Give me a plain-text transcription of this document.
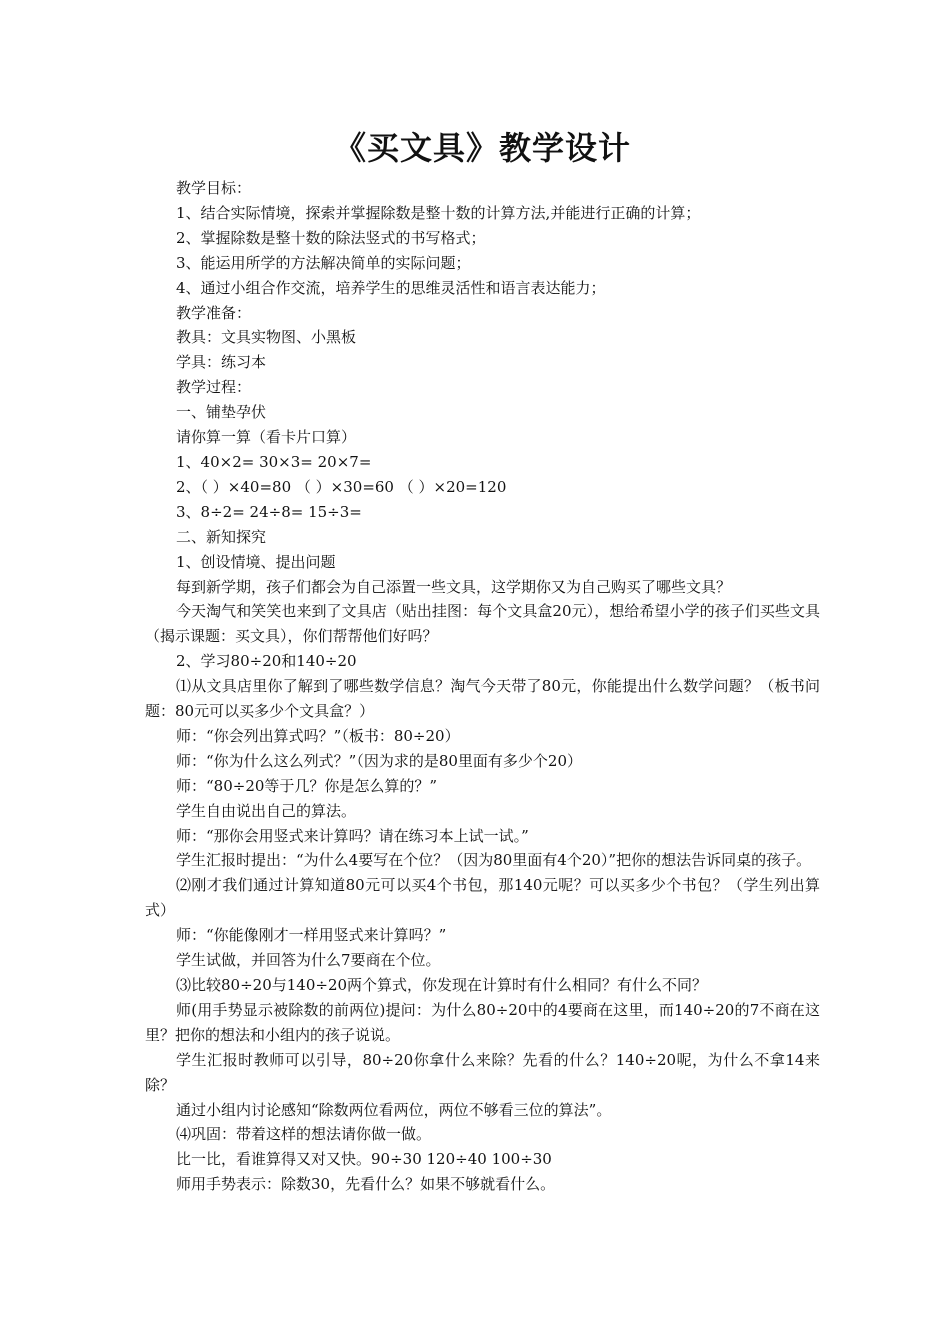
《买文具》教学设计

教学目标：

1、结合实际情境，探索并掌握除数是整十数的计算方法,并能进行正确的计算；

2、掌握除数是整十数的除法竖式的书写格式；

3、能运用所学的方法解决简单的实际问题；

4、通过小组合作交流，培养学生的思维灵活性和语言表达能力；

教学准备：

教具：文具实物图、小黑板

学具：练习本

教学过程：

一、铺垫孕伏

请你算一算（看卡片口算）

1、40×2= 30×3= 20×7=

2、（ ）×40=80 （ ）×30=60 （ ）×20=120

3、8÷2= 24÷8= 15÷3=

二、新知探究

1、创设情境、提出问题

每到新学期，孩子们都会为自己添置一些文具，这学期你又为自己购买了哪些文具？

今天淘气和笑笑也来到了文具店（贴出挂图：每个文具盒20元），想给希望小学的孩子们买些文具（揭示课题：买文具），你们帮帮他们好吗？

2、学习80÷20和140÷20

⑴从文具店里你了解到了哪些数学信息？淘气今天带了80元，你能提出什么数学问题？（板书问题：80元可以买多少个文具盒？）

师：“你会列出算式吗？”（板书：80÷20）

师：“你为什么这么列式？”（因为求的是80里面有多少个20）

师：“80÷20等于几？你是怎么算的？”

学生自由说出自己的算法。

师：“那你会用竖式来计算吗？请在练习本上试一试。”

学生汇报时提出：“为什么4要写在个位？（因为80里面有4个20）”把你的想法告诉同桌的孩子。

⑵刚才我们通过计算知道80元可以买4个书包，那140元呢？可以买多少个书包？（学生列出算式）

师：“你能像刚才一样用竖式来计算吗？”

学生试做，并回答为什么7要商在个位。

⑶比较80÷20与140÷20两个算式，你发现在计算时有什么相同？有什么不同？

师(用手势显示被除数的前两位)提问：为什么80÷20中的4要商在这里，而140÷20的7不商在这里？把你的想法和小组内的孩子说说。

学生汇报时教师可以引导，80÷20你拿什么来除？先看的什么？140÷20呢，为什么不拿14来除？

通过小组内讨论感知“除数两位看两位，两位不够看三位的算法”。

⑷巩固：带着这样的想法请你做一做。

比一比，看谁算得又对又快。90÷30 120÷40 100÷30

师用手势表示：除数30，先看什么？如果不够就看什么。
